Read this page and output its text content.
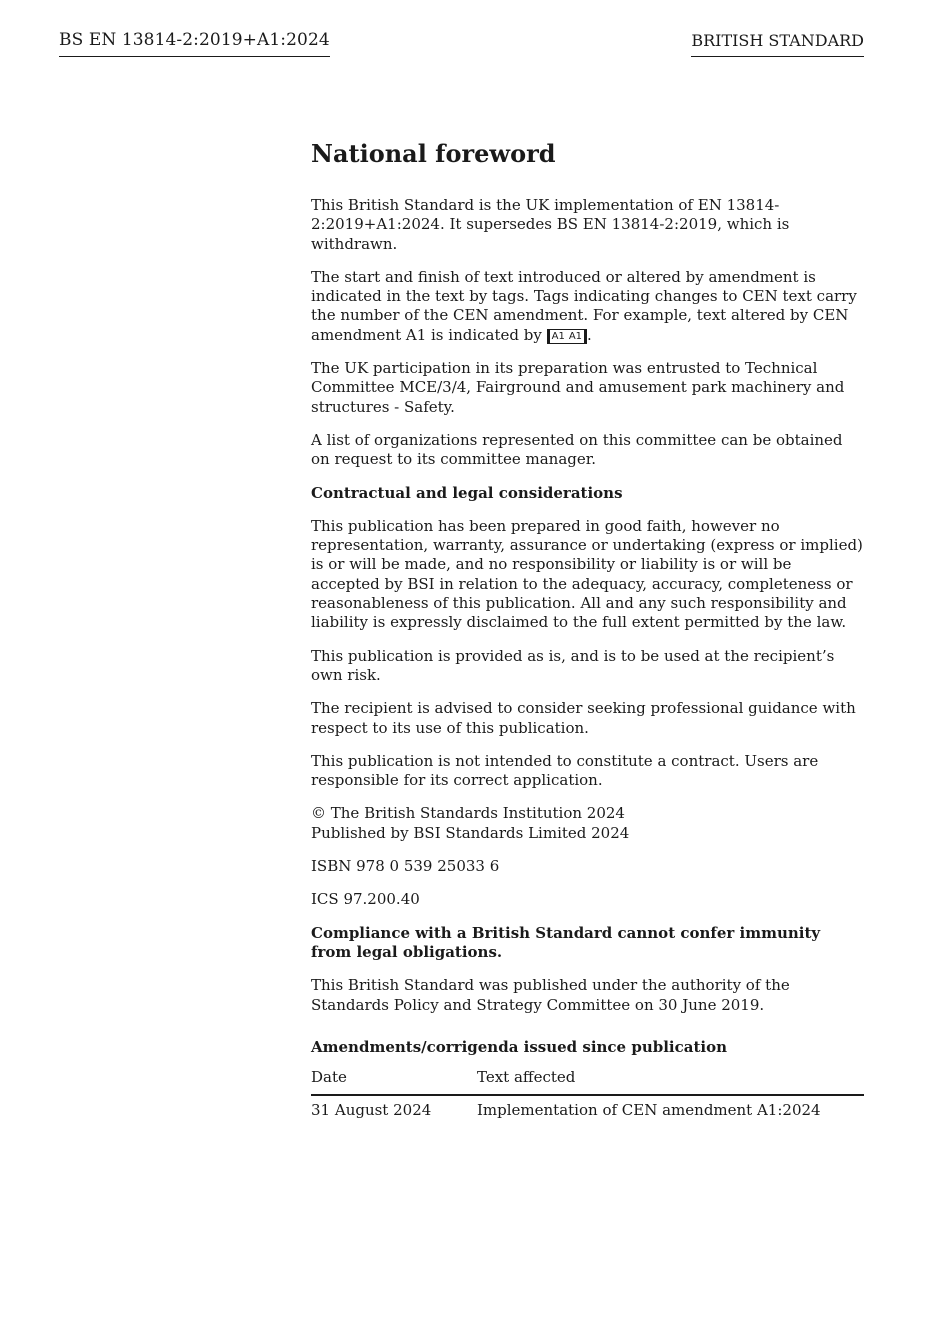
BS EN 13814-2:2019+A1:2024	BRITISH STANDARD
National foreword

This British Standard is the UK implementation of EN 13814-2:2019+A1:2024. It supersedes BS EN 13814-2:2019, which is withdrawn.

The start and finish of text introduced or altered by amendment is indicated in the text by tags. Tags indicating changes to CEN text carry the number of the CEN amendment. For example, text altered by CEN amendment A1 is indicated by A1 A1 .

The UK participation in its preparation was entrusted to Technical Committee MCE/3/4, Fairground and amusement park machinery and structures - Safety.

A list of organizations represented on this committee can be obtained on request to its committee manager.

Contractual and legal considerations

This publication has been prepared in good faith, however no representation, warranty, assurance or undertaking (express or implied) is or will be made, and no responsibility or liability is or will be accepted by BSI in relation to the adequacy, accuracy, completeness or reasonableness of this publication. All and any such responsibility and liability is expressly disclaimed to the full extent permitted by the law.

This publication is provided as is, and is to be used at the recipient’s own risk.

The recipient is advised to consider seeking professional guidance with respect to its use of this publication.

This publication is not intended to constitute a contract. Users are responsible for its correct application.

© The British Standards Institution 2024
Published by BSI Standards Limited 2024

ISBN 978 0 539 25033 6

ICS 97.200.40

Compliance with a British Standard cannot confer immunity from legal obligations.

This British Standard was published under the authority of the Standards Policy and Strategy Committee on 30 June 2019.

Amendments/corrigenda issued since publication
Date	Text affected
31 August 2024	Implementation of CEN amendment A1:2024
